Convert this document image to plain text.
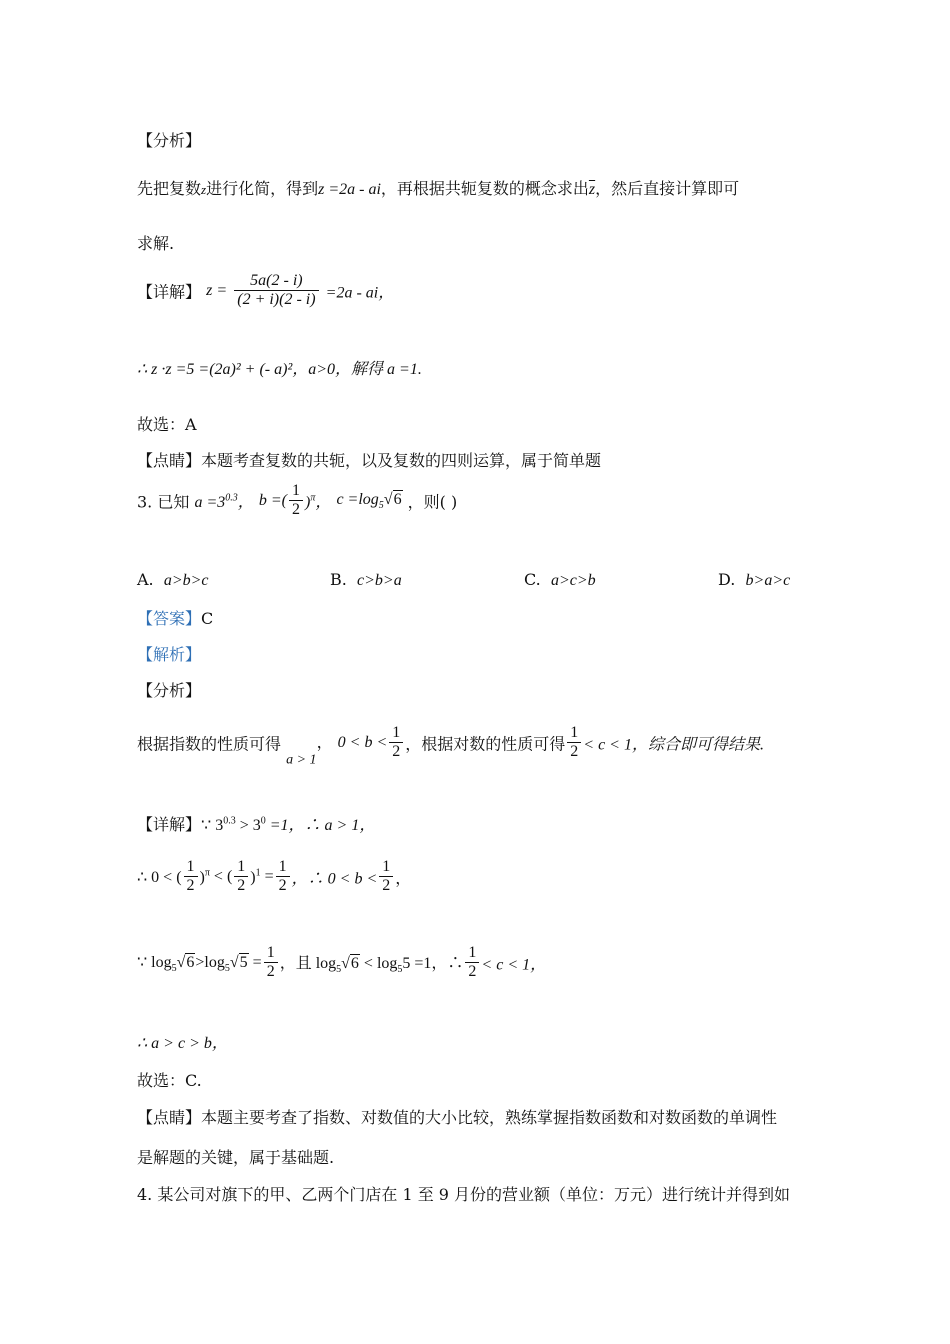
【分析】
先把复数z进行化简，得到z =2a - ai，再根据共轭复数的概念求出$\overline{z}$，然后直接计算即可
求解.
【详解】 $z = \frac{5a(2 - i)}{(2 + i)(2 - i)} =2a$ - ai，
∴ z ·z =5 =(2a)² + (- a)²，a>0，解得 a =1.
故选：A
【点睛】本题考查复数的共轭，以及复数的四则运算，属于简单题
3. 已知 $a =3^{0.3}$， b =( $\frac{1}{2} )^\pi$， $c =\log_5√6$ ，则( )
A. a>b>c	B. c>b>a	C. a>c>b	D. b>a>c
【答案】C
【解析】
【分析】
根据指数的性质可得 a > 1， $0 < b < \frac{1}{2}$ ，根据对数的性质可得 $\frac{1}{2} < c < 1$，综合即可得结果.
【详解】∵ $3^{0.3} > 3^0 =1$，∴ a > 1，
∴ 0 < ( $\frac{1}{2} )^\pi$ < ( $\frac{1}{2} )^1 = \frac{1}{2}$ ，∴ $0 < b < \frac{1}{2}$ ，
∵ $\log_5√6>\log_5√5 = \frac{1}{2}$ ，且 $\log_5√6 < \log_55 =1$，∴ $\frac{1}{2} < c < 1$，
∴ a > c > b，
故选：C.
【点睛】本题主要考查了指数、对数值的大小比较，熟练掌握指数函数和对数函数的单调性
是解题的关键，属于基础题.
4. 某公司对旗下的甲、乙两个门店在 1 至 9 月份的营业额（单位：万元）进行统计并得到如
